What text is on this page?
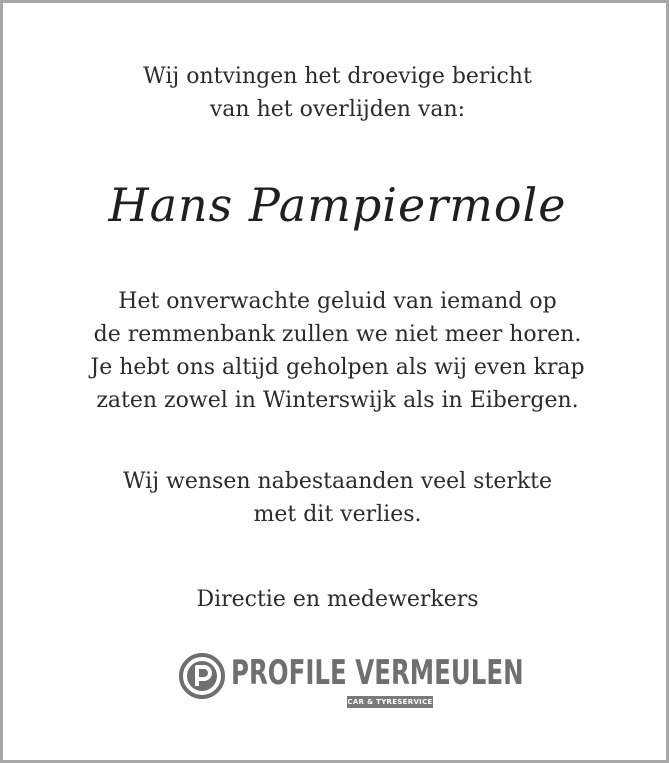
Wij ontvingen het droevige bericht
van het overlijden van:
Hans Pampiermole
Het onverwachte geluid van iemand op
de remmenbank zullen we niet meer horen.
Je hebt ons altijd geholpen als wij even krap
zaten zowel in Winterswijk als in Eibergen.
Wij wensen nabestaanden veel sterkte
met dit verlies.
Directie en medewerkers
PROFILE VERMEULEN
CAR & TYRESERVICE
